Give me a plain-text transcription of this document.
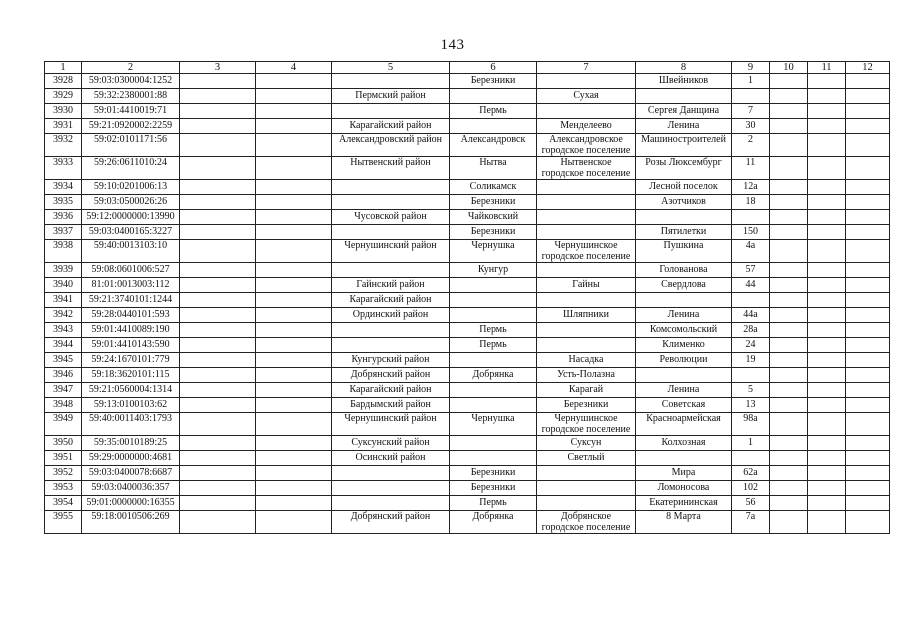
143
1	2	3	4	5	6	7	8	9	10	11	12
3928	59:03:0300004:1252				Березники		Швейников	1			
3929	59:32:2380001:88			Пермский район		Сухая					
3930	59:01:4410019:71				Пермь		Сергея Данщина	7			
3931	59:21:0920002:2259			Карагайский район		Менделеево	Ленина	30			
3932	59:02:0101171:56			Александровский район	Александровск	Александровское городское поселение	Машиностроителей	2			
3933	59:26:0611010:24			Нытвенский район	Нытва	Нытвенское городское поселение	Розы Люксембург	11			
3934	59:10:0201006:13				Соликамск		Лесной поселок	12а			
3935	59:03:0500026:26				Березники		Азотчиков	18			
3936	59:12:0000000:13990			Чусовской район	Чайковский						
3937	59:03:0400165:3227				Березники		Пятилетки	150			
3938	59:40:0013103:10			Чернушинский район	Чернушка	Чернушинское городское поселение	Пушкина	4а			
3939	59:08:0601006:527				Кунгур		Голованова	57			
3940	81:01:0013003:112			Гайнский район		Гайны	Свердлова	44			
3941	59:21:3740101:1244			Карагайский район							
3942	59:28:0440101:593			Ординский район		Шляпники	Ленина	44а			
3943	59:01:4410089:190				Пермь		Комсомольский	28а			
3944	59:01:4410143:590				Пермь		Клименко	24			
3945	59:24:1670101:779			Кунгурский район		Насадка	Революции	19			
3946	59:18:3620101:115			Добрянский район	Добрянка	Усть-Полазна					
3947	59:21:0560004:1314			Карагайский район		Карагай	Ленина	5			
3948	59:13:0100103:62			Бардымский район		Березники	Советская	13			
3949	59:40:0011403:1793			Чернушинский район	Чернушка	Чернушинское городское поселение	Красноармейская	98а			
3950	59:35:0010189:25			Суксунский район		Суксун	Колхозная	1			
3951	59:29:0000000:4681			Осинский район		Светлый					
3952	59:03:0400078:6687				Березники		Мира	62а			
3953	59:03:0400036:357				Березники		Ломоносова	102			
3954	59:01:0000000:16355				Пермь		Екатерининская	56			
3955	59:18:0010506:269			Добрянский район	Добрянка	Добрянское городское поселение	8 Марта	7а			
